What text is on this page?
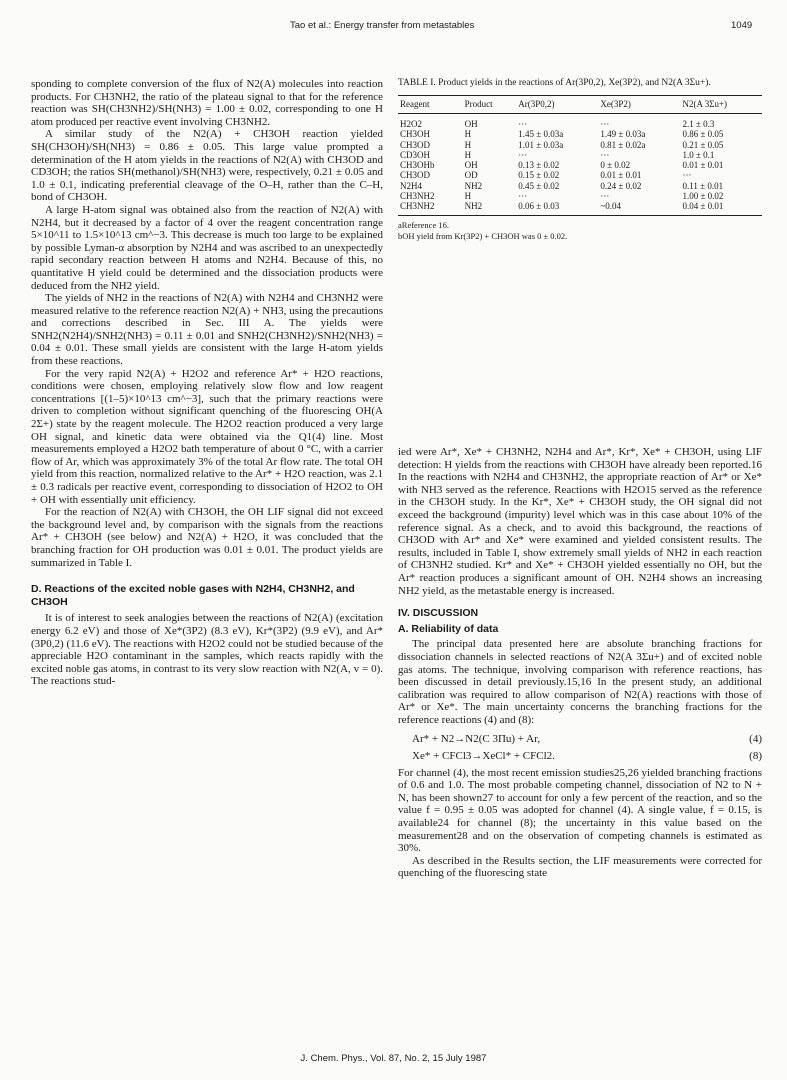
Tao et al.: Energy transfer from metastables	1049

sponding to complete conversion of the flux of N2(A) molecules into reaction products. For CH3NH2, the ratio of the plateau signal to that for the reference reaction was SH(CH3NH2)/SH(NH3) = 1.00 ± 0.02, corresponding to one H atom produced per reactive event involving CH3NH2.

A similar study of the N2(A) + CH3OH reaction yielded SH(CH3OH)/SH(NH3) = 0.86 ± 0.05. This large value prompted a determination of the H atom yields in the reactions of N2(A) with CH3OD and CD3OH; the ratios SH(methanol)/SH(NH3) were, respectively, 0.21 ± 0.05 and 1.0 ± 0.1, indicating preferential cleavage of the O–H, rather than the C–H, bond of CH3OH.

A large H-atom signal was obtained also from the reaction of N2(A) with N2H4, but it decreased by a factor of 4 over the reagent concentration range 5×10^11 to 1.5×10^13 cm^−3. This decrease is much too large to be explained by possible Lyman-α absorption by N2H4 and was ascribed to an unexpectedly rapid secondary reaction between H atoms and N2H4. Because of this, no quantitative H yield could be determined and the dissociation products were deduced from the NH2 yield.

The yields of NH2 in the reactions of N2(A) with N2H4 and CH3NH2 were measured relative to the reference reaction N2(A) + NH3, using the precautions and corrections described in Sec. III A. The yields were SNH2(N2H4)/SNH2(NH3) = 0.11 ± 0.01 and SNH2(CH3NH2)/SNH2(NH3) = 0.04 ± 0.01. These small yields are consistent with the large H-atom yields from these reactions.

For the very rapid N2(A) + H2O2 and reference Ar* + H2O reactions, conditions were chosen, employing relatively slow flow and low reagent concentrations [(1–5)×10^13 cm^−3], such that the primary reactions were driven to completion without significant quenching of the fluorescing OH(A 2Σ+) state by the reagent molecule. The H2O2 reaction produced a very large OH signal, and kinetic data were obtained via the Q1(4) line. Most measurements employed a H2O2 bath temperature of about 0 °C, with a carrier flow of Ar, which was approximately 3% of the total Ar flow rate. The total OH yield from this reaction, normalized relative to the Ar* + H2O reaction, was 2.1 ± 0.3 radicals per reactive event, corresponding to dissociation of H2O2 to OH + OH with essentially unit efficiency.

For the reaction of N2(A) with CH3OH, the OH LIF signal did not exceed the background level and, by comparison with the signals from the reactions Ar* + CH3OH (see below) and N2(A) + H2O, it was concluded that the branching fraction for OH production was 0.01 ± 0.01. The product yields are summarized in Table I.

D. Reactions of the excited noble gases with N2H4, CH3NH2, and CH3OH

It is of interest to seek analogies between the reactions of N2(A) (excitation energy 6.2 eV) and those of Xe*(3P2) (8.3 eV), Kr*(3P2) (9.9 eV), and Ar*(3P0,2) (11.6 eV). The reactions with H2O2 could not be studied because of the appreciable H2O contaminant in the samples, which reacts rapidly with the excited noble gas atoms, in contrast to its very slow reaction with N2(A, v = 0). The reactions stud-

TABLE I. Product yields in the reactions of Ar(3P0,2), Xe(3P2), and N2(A 3Σu+).
Reagent	Product	Ar(3P0,2)	Xe(3P2)	N2(A 3Σu+)
H2O2	OH	···	···	2.1 ± 0.3
CH3OH	H	1.45 ± 0.03a	1.49 ± 0.03a	0.86 ± 0.05
CH3OD	H	1.01 ± 0.03a	0.81 ± 0.02a	0.21 ± 0.05
CD3OH	H	···	···	1.0 ± 0.1
CH3OHb	OH	0.13 ± 0.02	0 ± 0.02	0.01 ± 0.01
CH3OD	OD	0.15 ± 0.02	0.01 ± 0.01	···
N2H4	NH2	0.45 ± 0.02	0.24 ± 0.02	0.11 ± 0.01
CH3NH2	H	···	···	1.00 ± 0.02
CH3NH2	NH2	0.06 ± 0.03	~0.04	0.04 ± 0.01
aReference 16.
bOH yield from Kr(3P2) + CH3OH was 0 ± 0.02.

ied were Ar*, Xe* + CH3NH2, N2H4 and Ar*, Kr*, Xe* + CH3OH, using LIF detection: H yields from the reactions with CH3OH have already been reported.16 In the reactions with N2H4 and CH3NH2, the appropriate reaction of Ar* or Xe* with NH3 served as the reference. Reactions with H2O15 served as the reference in the CH3OH study. In the Kr*, Xe* + CH3OH study, the OH signal did not exceed the background (impurity) level which was in this case about 10% of the reference signal. As a check, and to avoid this background, the reactions of CH3OD with Ar* and Xe* were examined and yielded consistent results. The results, included in Table I, show extremely small yields of NH2 in each reaction of CH3NH2 studied. Kr* and Xe* + CH3OH yielded essentially no OH, but the Ar* reaction produces a significant amount of OH. N2H4 shows an increasing NH2 yield, as the metastable energy is increased.

IV. DISCUSSION
A. Reliability of data

The principal data presented here are absolute branching fractions for dissociation channels in selected reactions of N2(A 3Σu+) and of excited noble gas atoms. The technique, involving comparison with reference reactions, has been discussed in detail previously.15,16 In the present study, an additional calibration was required to allow comparison of N2(A) reactions with those of Ar* or Xe*. The main uncertainty concerns the branching fractions for the reference reactions (4) and (8):

Ar* + N2→N2(C 3Πu) + Ar,	(4)
Xe* + CFCl3→XeCl* + CFCl2.	(8)

For channel (4), the most recent emission studies25,26 yielded branching fractions of 0.6 and 1.0. The most probable competing channel, dissociation of N2 to N + N, has been shown27 to account for only a few percent of the reaction, and so the value f = 0.95 ± 0.05 was adopted for channel (4). A single value, f = 0.15, is available24 for channel (8); the uncertainty in this value based on the measurement28 and on the observation of competing channels is estimated as 30%.

As described in the Results section, the LIF measurements were corrected for quenching of the fluorescing state

J. Chem. Phys., Vol. 87, No. 2, 15 July 1987
